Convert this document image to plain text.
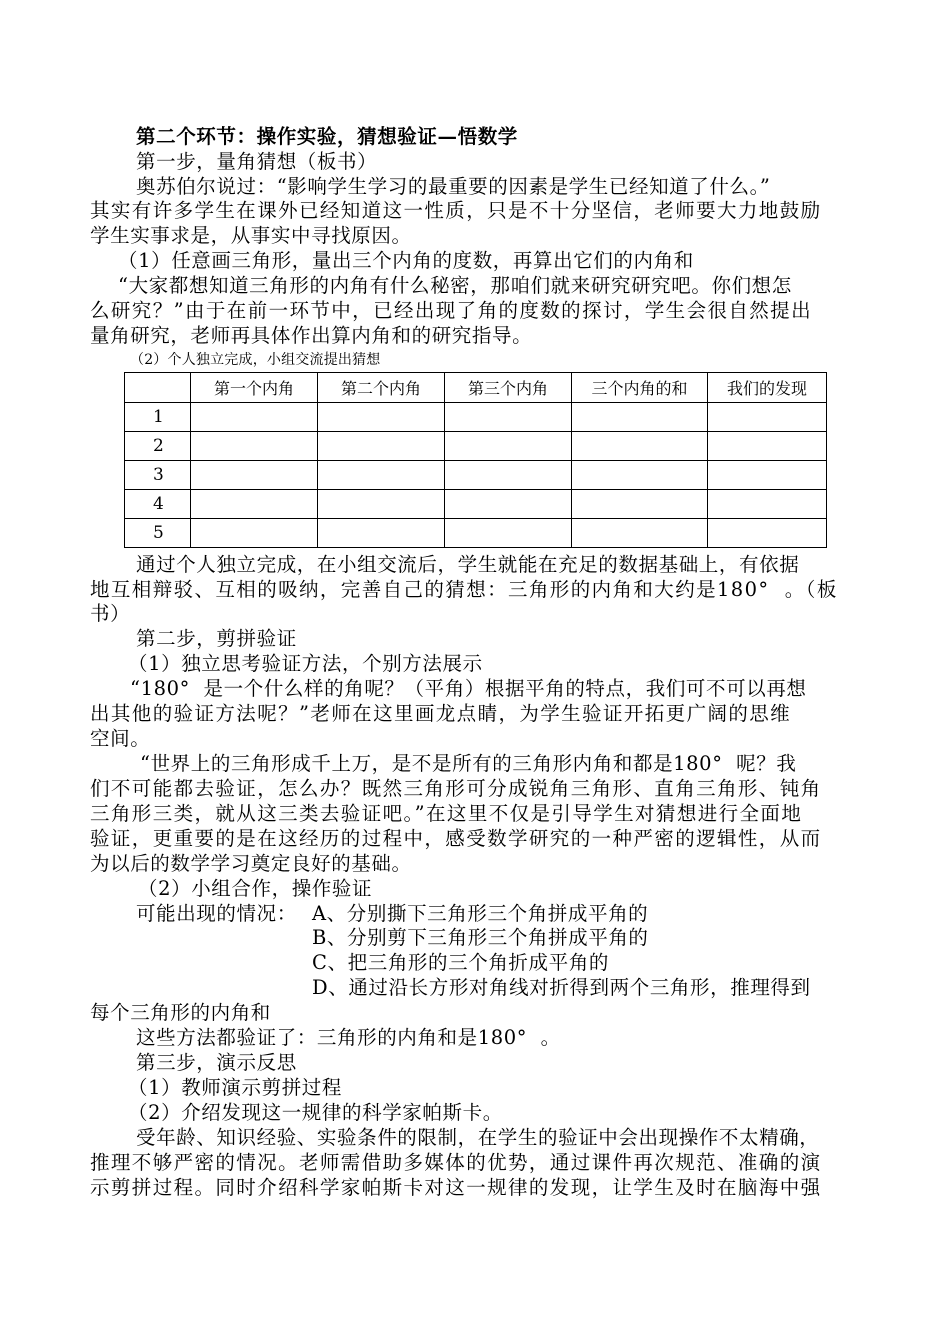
第二个环节：操作实验，猜想验证—悟数学
第一步，量角猜想（板书）
奥苏伯尔说过：“影响学生学习的最重要的因素是学生已经知道了什么。”
其实有许多学生在课外已经知道这一性质，只是不十分坚信，老师要大力地鼓励
学生实事求是，从事实中寻找原因。
（1）任意画三角形，量出三个内角的度数，再算出它们的内角和
“大家都想知道三角形的内角有什么秘密，那咱们就来研究研究吧。你们想怎
么研究？”由于在前一环节中，已经出现了角的度数的探讨，学生会很自然提出
量角研究，老师再具体作出算内角和的研究指导。
（2）个人独立完成，小组交流提出猜想
	第一个内角	第二个内角	第三个内角	三个内角的和	我们的发现
1					
2					
3					
4					
5					
通过个人独立完成，在小组交流后，学生就能在充足的数据基础上，有依据
地互相辩驳、互相的吸纳，完善自己的猜想：三角形的内角和大约是180°  。（板
书）
第二步，剪拼验证
（1）独立思考验证方法，个别方法展示
“180°  是一个什么样的角呢？（平角）根据平角的特点，我们可不可以再想
出其他的验证方法呢？”老师在这里画龙点睛，为学生验证开拓更广阔的思维
空间。
“世界上的三角形成千上万，是不是所有的三角形内角和都是180°  呢？我
们不可能都去验证，怎么办？既然三角形可分成锐角三角形、直角三角形、钝角
三角形三类，就从这三类去验证吧。”在这里不仅是引导学生对猜想进行全面地
验证，更重要的是在这经历的过程中，感受数学研究的一种严密的逻辑性，从而
为以后的数学学习奠定良好的基础。
（2）小组合作，操作验证
可能出现的情况： A、分别撕下三角形三个角拼成平角的
B、分别剪下三角形三个角拼成平角的
C、把三角形的三个角折成平角的
D、通过沿长方形对角线对折得到两个三角形，推理得到
每个三角形的内角和
这些方法都验证了：三角形的内角和是180°  。
第三步，演示反思
（1）教师演示剪拼过程
（2）介绍发现这一规律的科学家帕斯卡。
受年龄、知识经验、实验条件的限制，在学生的验证中会出现操作不太精确，
推理不够严密的情况。老师需借助多媒体的优势，通过课件再次规范、准确的演
示剪拼过程。同时介绍科学家帕斯卡对这一规律的发现，让学生及时在脑海中强
